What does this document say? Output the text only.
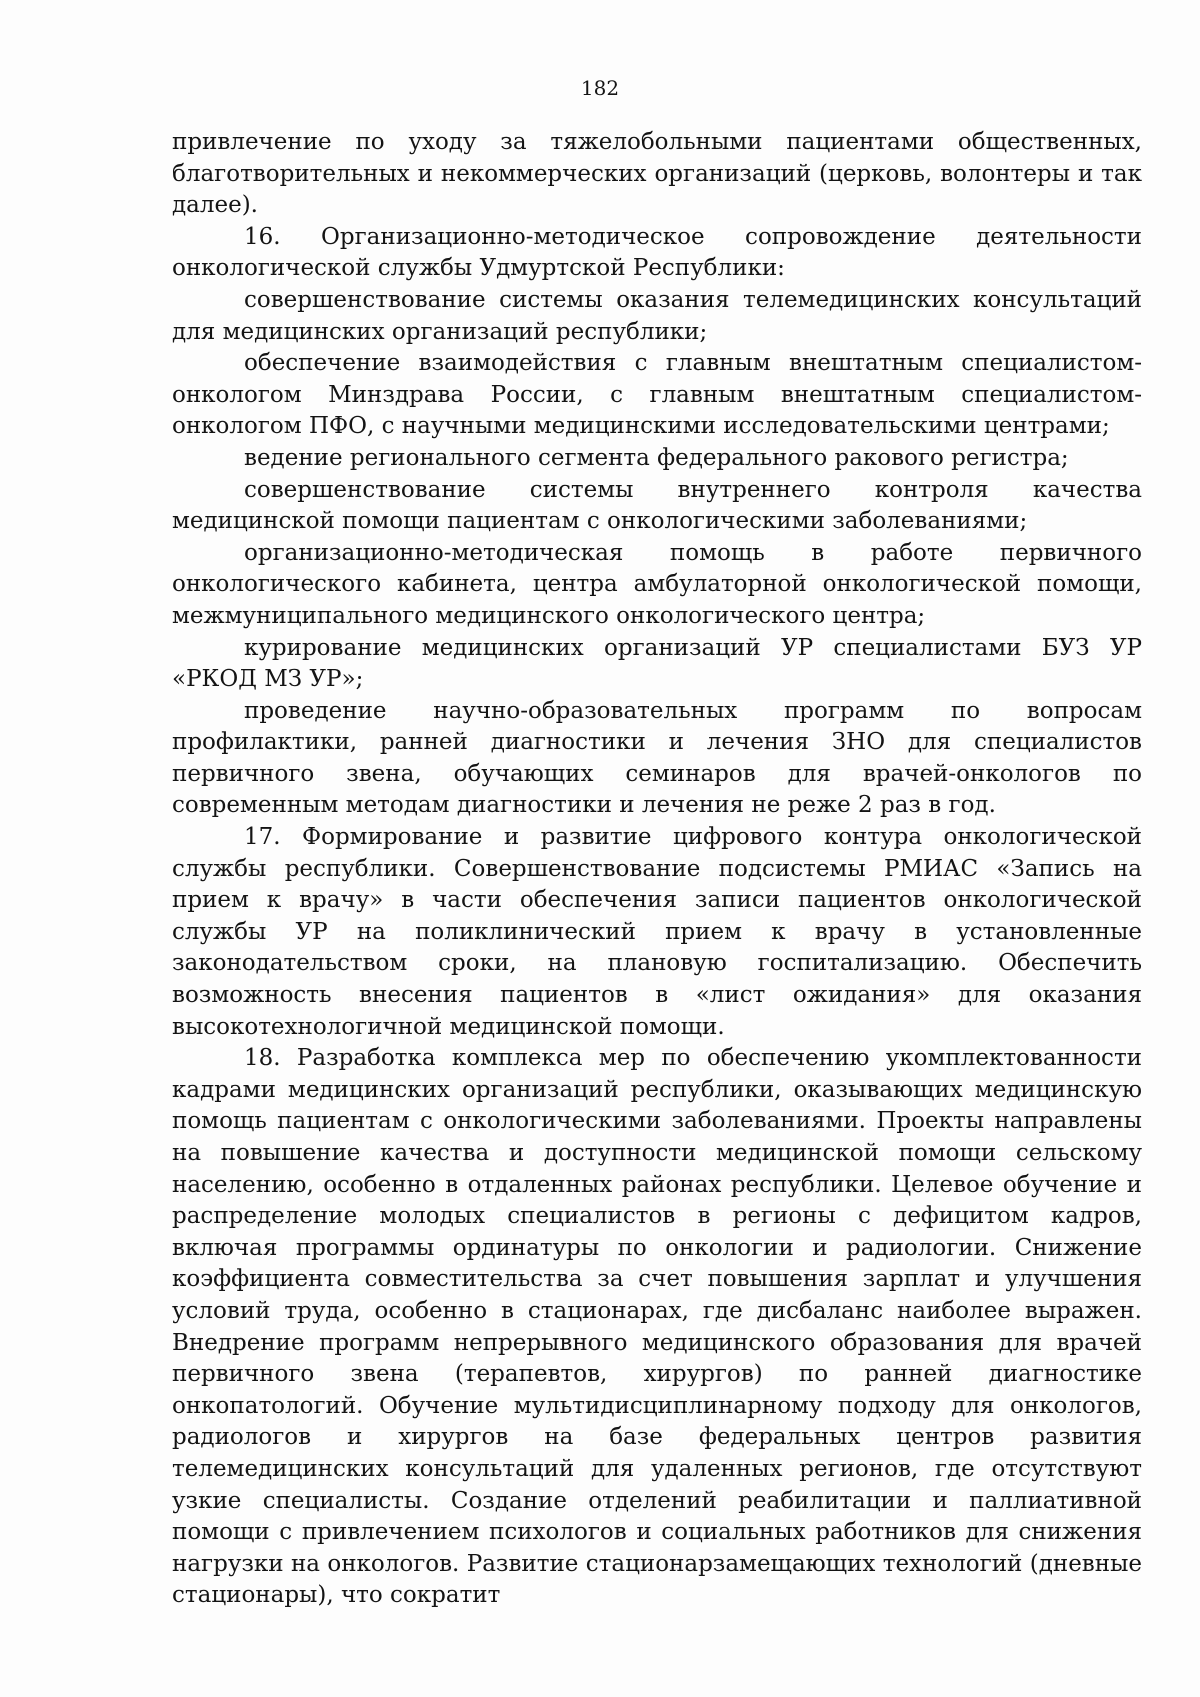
182

привлечение по уходу за тяжелобольными пациентами общественных, благотворительных и некоммерческих организаций (церковь, волонтеры и так далее).

16. Организационно-методическое сопровождение деятельности онкологической службы Удмуртской Республики:

совершенствование системы оказания телемедицинских консультаций для медицинских организаций республики;

обеспечение взаимодействия с главным внештатным специалистом-онкологом Минздрава России, с главным внештатным специалистом-онкологом ПФО, с научными медицинскими исследовательскими центрами;

ведение регионального сегмента федерального ракового регистра;

совершенствование системы внутреннего контроля качества медицинской помощи пациентам с онкологическими заболеваниями;

организационно-методическая помощь в работе первичного онкологического кабинета, центра амбулаторной онкологической помощи, межмуниципального медицинского онкологического центра;

курирование медицинских организаций УР специалистами БУЗ УР «РКОД МЗ УР»;

проведение научно-образовательных программ по вопросам профилактики, ранней диагностики и лечения ЗНО для специалистов первичного звена, обучающих семинаров для врачей-онкологов по современным методам диагностики и лечения не реже 2 раз в год.

17. Формирование и развитие цифрового контура онкологической службы республики. Совершенствование подсистемы РМИАС «Запись на прием к врачу» в части обеспечения записи пациентов онкологической службы УР на поликлинический прием к врачу в установленные законодательством сроки, на плановую госпитализацию. Обеспечить возможность внесения пациентов в «лист ожидания» для оказания высокотехнологичной медицинской помощи.

18. Разработка комплекса мер по обеспечению укомплектованности кадрами медицинских организаций республики, оказывающих медицинскую помощь пациентам с онкологическими заболеваниями. Проекты направлены на повышение качества и доступности медицинской помощи сельскому населению, особенно в отдаленных районах республики. Целевое обучение и распределение молодых специалистов в регионы с дефицитом кадров, включая программы ординатуры по онкологии и радиологии. Снижение коэффициента совместительства за счет повышения зарплат и улучшения условий труда, особенно в стационарах, где дисбаланс наиболее выражен. Внедрение программ непрерывного медицинского образования для врачей первичного звена (терапевтов, хирургов) по ранней диагностике онкопатологий. Обучение мультидисциплинарному подходу для онкологов, радиологов и хирургов на базе федеральных центров развития телемедицинских консультаций для удаленных регионов, где отсутствуют узкие специалисты. Создание отделений реабилитации и паллиативной помощи с привлечением психологов и социальных работников для снижения нагрузки на онкологов. Развитие стационарзамещающих технологий (дневные стационары), что сократит
